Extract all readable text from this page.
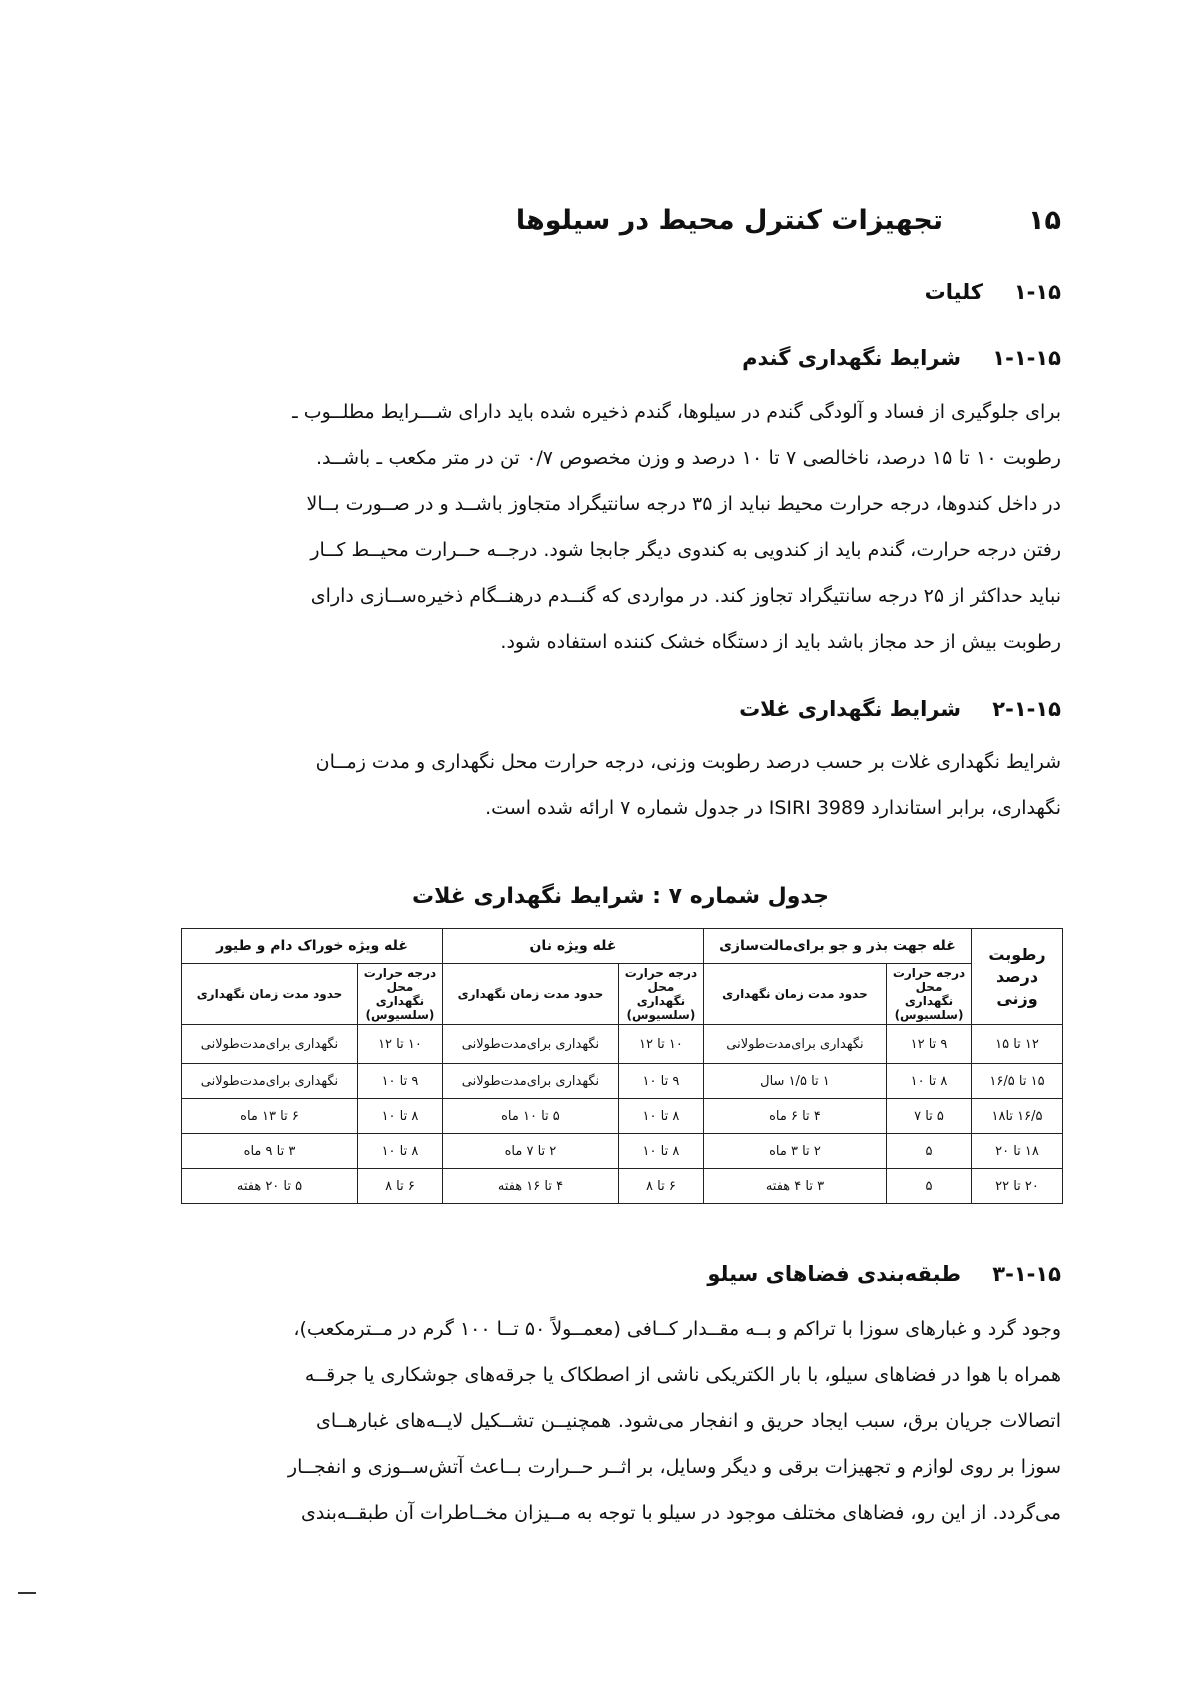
۱۵
تجهیزات کنترل محیط در سیلوها
۱-۱۵
کلیات
۱-۱-۱۵
شرایط نگهداری گندم
برای جلوگیری از فساد و آلودگی گندم در سیلوها، گندم ذخیره شده باید دارای شـــرایط مطلــوب ـ
رطوبت ۱۰ تا ۱۵ درصد، ناخالصی ۷ تا ۱۰ درصد و وزن مخصوص ۰/۷ تن در متر مکعب ـ باشــد.
در داخل کندوها، درجه حرارت محیط نباید از ۳۵ درجه سانتیگراد متجاوز باشــد و در صــورت بــالا
رفتن درجه حرارت، گندم باید از کندویی به کندوی دیگر جابجا شود. درجــه حــرارت محیــط کــار
نباید حداکثر از ۲۵ درجه سانتیگراد تجاوز کند. در مواردی که گنــدم درهنــگام ذخیره‌ســازی دارای
رطوبت بیش از حد مجاز باشد باید از دستگاه خشک کننده استفاده شود.
۲-۱-۱۵
شرایط نگهداری غلات
شرایط نگهداری غلات بر حسب درصد رطوبت وزنی، درجه حرارت محل نگهداری و مدت زمــان
نگهداری، برابر استاندارد ISIRI 3989 در جدول شماره ۷ ارائه شده است.
جدول شماره ۷ : شرایط نگهداری غلات
رطوبت درصد وزنی	غله جهت بذر و جو برای‌مالت‌سازی		غله ویژه نان		غله ویژه خوراک دام و طیور	
	درجه حرارت محل نگهداری (سلسیوس)	حدود مدت زمان نگهداری	درجه حرارت محل نگهداری (سلسیوس)	حدود مدت زمان نگهداری	درجه حرارت محل نگهداری (سلسیوس)	حدود مدت زمان نگهداری
۱۲ تا ۱۵	۹ تا ۱۲	نگهداری برای‌مدت‌طولانی	۱۰ تا ۱۲	نگهداری برای‌مدت‌طولانی	۱۰ تا ۱۲	نگهداری برای‌مدت‌طولانی
۱۵ تا ۱۶/۵	۸ تا ۱۰	۱ تا ۱/۵ سال	۹ تا ۱۰	نگهداری برای‌مدت‌طولانی	۹ تا ۱۰	نگهداری برای‌مدت‌طولانی
۱۶/۵ تا۱۸	۵ تا ۷	۴ تا ۶ ماه	۸ تا ۱۰	۵ تا ۱۰ ماه	۸ تا ۱۰	۶ تا ۱۳ ماه
۱۸ تا ۲۰	۵	۲ تا ۳ ماه	۸ تا ۱۰	۲ تا ۷ ماه	۸ تا ۱۰	۳ تا ۹ ماه
۲۰ تا ۲۲	۵	۳ تا ۴ هفته	۶ تا ۸	۴ تا ۱۶ هفته	۶ تا ۸	۵ تا ۲۰ هفته
۳-۱-۱۵
طبقه‌بندی فضاهای سیلو
وجود گرد و غبارهای سوزا با تراکم و بــه مقــدار کــافی (معمــولاً ۵۰ تــا ۱۰۰ گرم در مــترمکعب)،
همراه با هوا در فضاهای سیلو، با بار الکتریکی ناشی از اصطکاک یا جرقه‌های جوشکاری یا جرقــه
اتصالات جریان برق، سبب ایجاد حریق و انفجار می‌شود. همچنیــن تشــکیل لایــه‌های غبارهــای
سوزا بر روی لوازم و تجهیزات برقی و دیگر وسایل، بر اثــر حــرارت بــاعث آتش‌ســوزی و انفجــار
می‌گردد. از این رو، فضاهای مختلف موجود در سیلو با توجه به مــیزان مخــاطرات آن طبقــه‌بندی
